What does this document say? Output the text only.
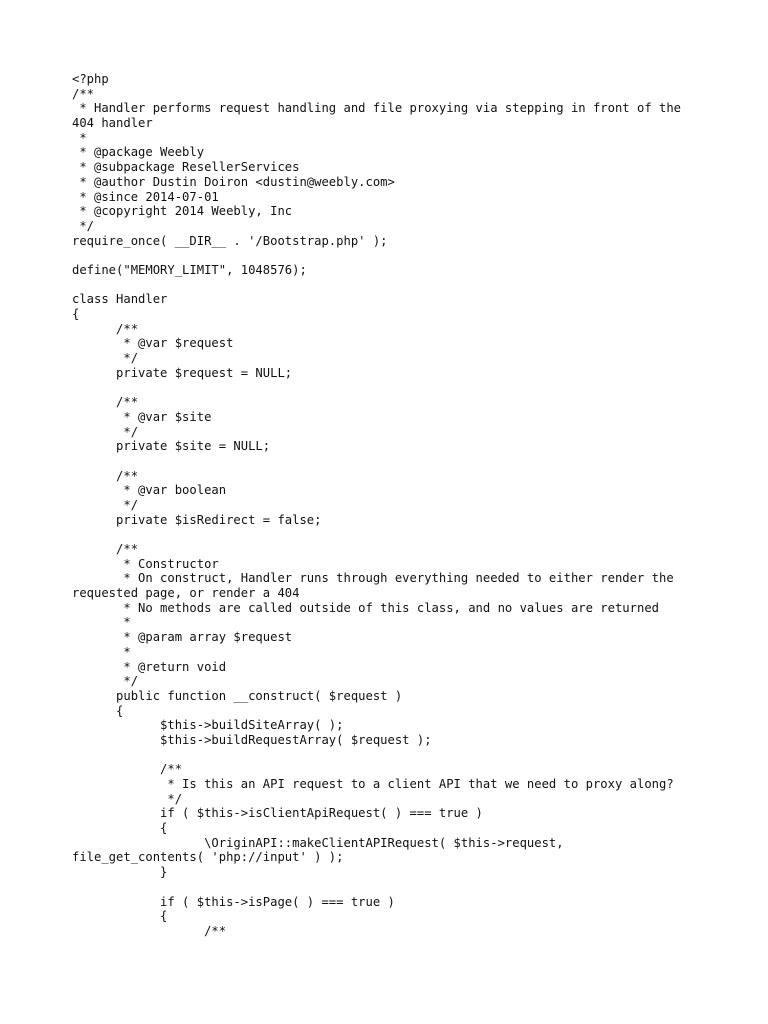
<?php
/**
* Handler performs request handling and file proxying via stepping in front of the
404 handler
*
* @package Weebly
* @subpackage ResellerServices
* @author Dustin Doiron <dustin@weebly.com>
* @since 2014-07-01
* @copyright 2014 Weebly, Inc
*/
require_once( __DIR__ . '/Bootstrap.php' );
define("MEMORY_LIMIT", 1048576);
class Handler
{
/**
* @var $request
*/
private $request = NULL;
/**
* @var $site
*/
private $site = NULL;
/**
* @var boolean
*/
private $isRedirect = false;
/**
* Constructor
* On construct, Handler runs through everything needed to either render the
requested page, or render a 404
* No methods are called outside of this class, and no values are returned
*
* @param array $request
*
* @return void
*/
public function __construct( $request )
{
$this->buildSiteArray( );
$this->buildRequestArray( $request );
/**
* Is this an API request to a client API that we need to proxy along?
*/
if ( $this->isClientApiRequest( ) === true )
{
\OriginAPI::makeClientAPIRequest( $this->request,
file_get_contents( 'php://input' ) );
}
if ( $this->isPage( ) === true )
{
/**
